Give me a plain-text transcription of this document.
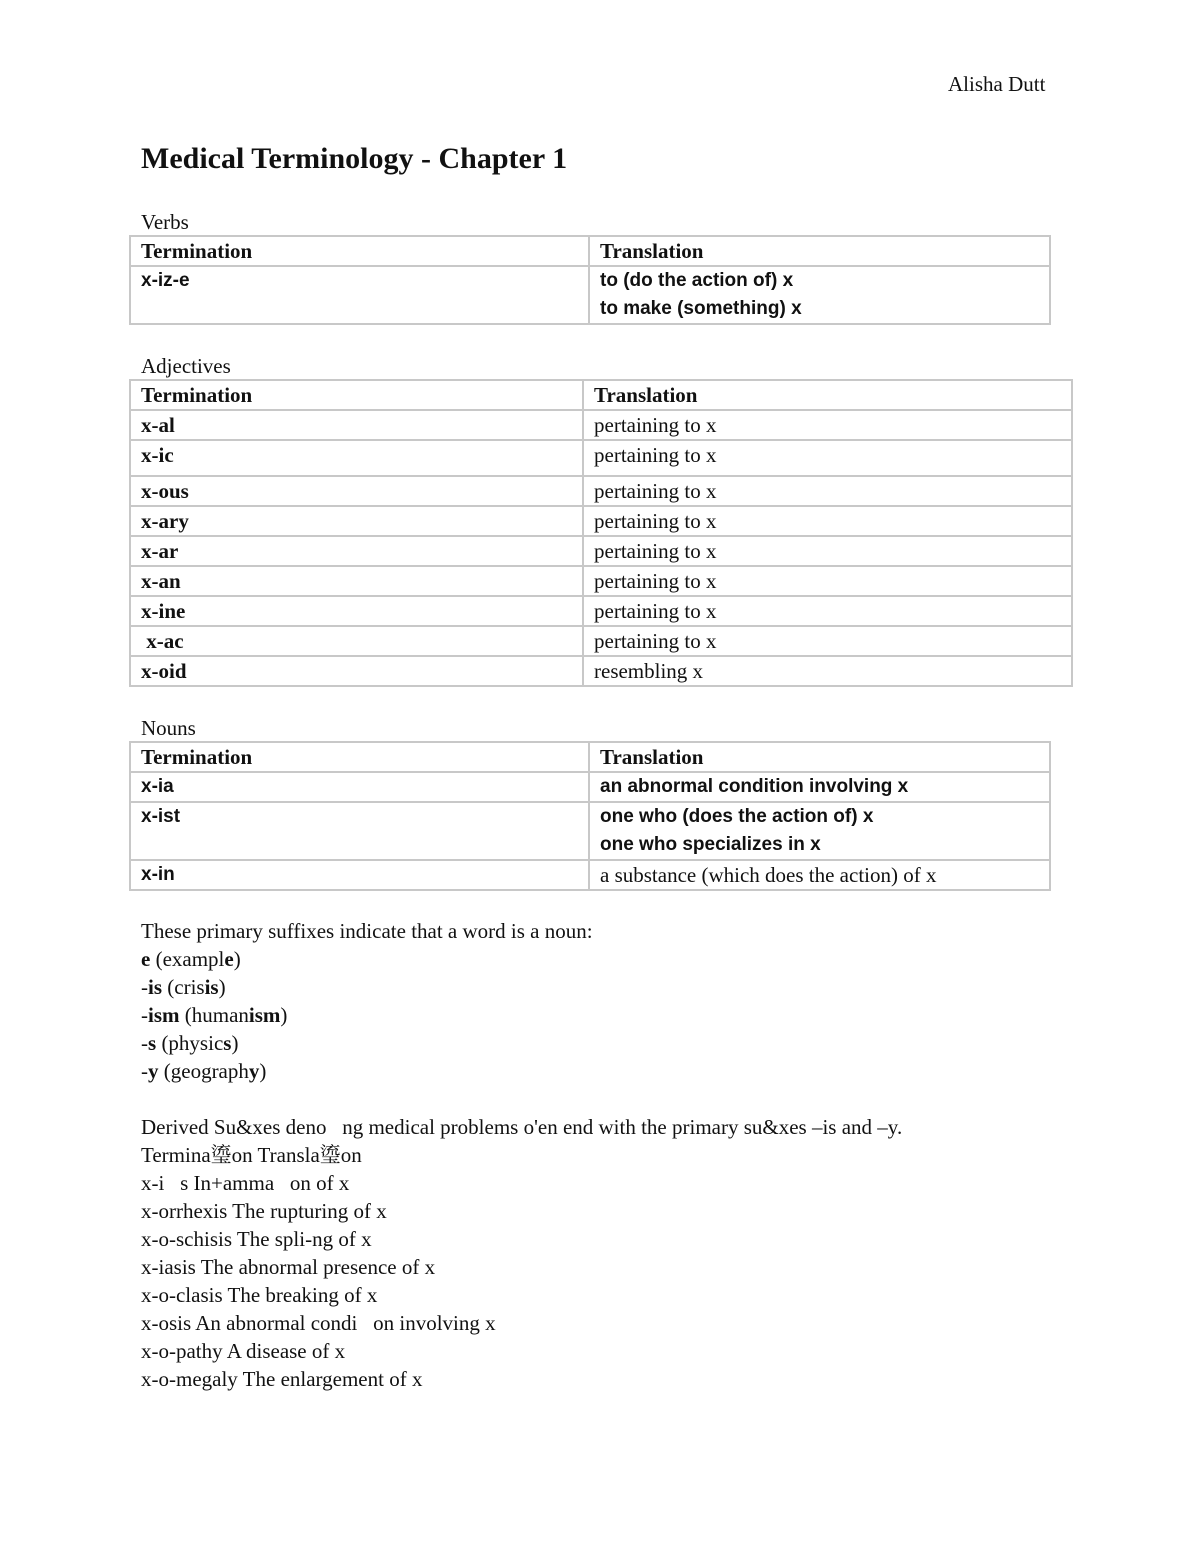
Alisha Dutt
Medical Terminology - Chapter 1
Verbs
Termination	Translation
x-iz-e	to (do the action of) x
to make (something) x
Adjectives
Termination	Translation
x-al	pertaining to x
x-ic	pertaining to x
x-ous	pertaining to x
x-ary	pertaining to x
x-ar	pertaining to x
x-an	pertaining to x
x-ine	pertaining to x
x-ac	pertaining to x
x-oid	resembling x
Nouns
Termination	Translation
x-ia	an abnormal condition involving x
x-ist	one who (does the action of) x
one who specializes in x

x-in	a substance (which does the action) of x
These primary suffixes indicate that a word is a noun:
e (example)
-is (crisis)
-ism (humanism)
-s (physics)
-y (geography)
Derived Su&xes deno   ng medical problems o'en end with the primary su&xes –is and –y.
Termina瑬on Transla瑬on
x-i   s In+amma   on of x
x-orrhexis The rupturing of x
x-o-schisis The spli-ng of x
x-iasis The abnormal presence of x
x-o-clasis The breaking of x
x-osis An abnormal condi   on involving x
x-o-pathy A disease of x
x-o-megaly The enlargement of x
